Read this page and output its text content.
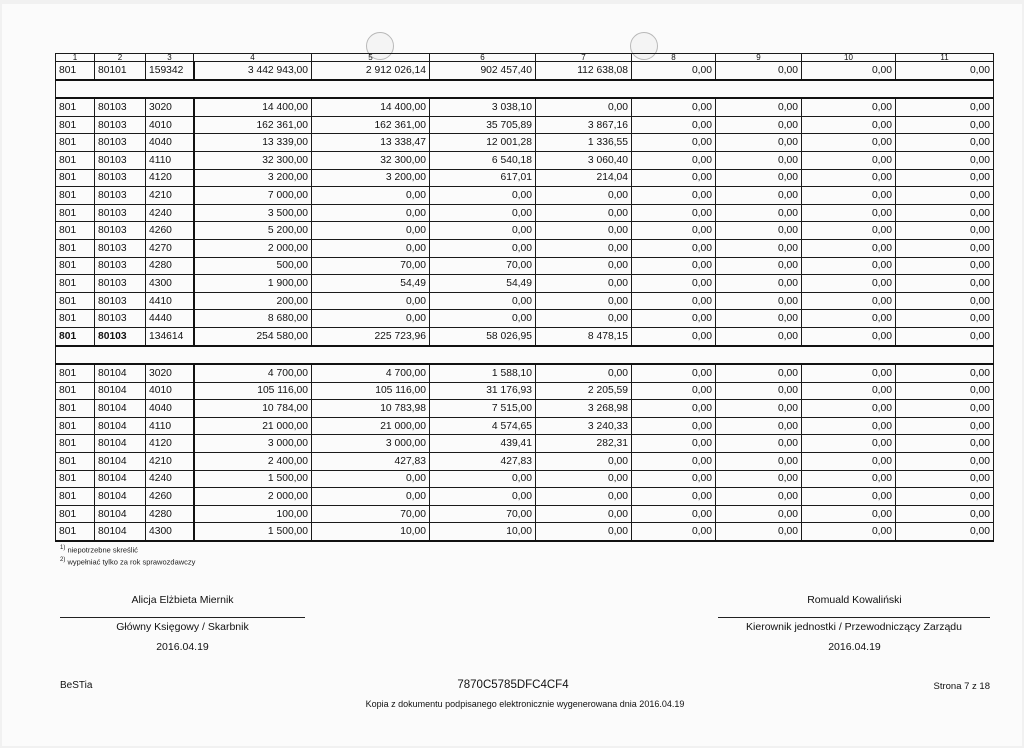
1	2	3	4	5	6	7	8	9	10	11
801	80101	159342	3 442 943,00	2 912 026,14	902 457,40	112 638,08	0,00	0,00	0,00	0,00

801	80103	3020	14 400,00	14 400,00	3 038,10	0,00	0,00	0,00	0,00	0,00
801	80103	4010	162 361,00	162 361,00	35 705,89	3 867,16	0,00	0,00	0,00	0,00
801	80103	4040	13 339,00	13 338,47	12 001,28	1 336,55	0,00	0,00	0,00	0,00
801	80103	4110	32 300,00	32 300,00	6 540,18	3 060,40	0,00	0,00	0,00	0,00
801	80103	4120	3 200,00	3 200,00	617,01	214,04	0,00	0,00	0,00	0,00
801	80103	4210	7 000,00	0,00	0,00	0,00	0,00	0,00	0,00	0,00
801	80103	4240	3 500,00	0,00	0,00	0,00	0,00	0,00	0,00	0,00
801	80103	4260	5 200,00	0,00	0,00	0,00	0,00	0,00	0,00	0,00
801	80103	4270	2 000,00	0,00	0,00	0,00	0,00	0,00	0,00	0,00
801	80103	4280	500,00	70,00	70,00	0,00	0,00	0,00	0,00	0,00
801	80103	4300	1 900,00	54,49	54,49	0,00	0,00	0,00	0,00	0,00
801	80103	4410	200,00	0,00	0,00	0,00	0,00	0,00	0,00	0,00
801	80103	4440	8 680,00	0,00	0,00	0,00	0,00	0,00	0,00	0,00
801	80103	134614	254 580,00	225 723,96	58 026,95	8 478,15	0,00	0,00	0,00	0,00

801	80104	3020	4 700,00	4 700,00	1 588,10	0,00	0,00	0,00	0,00	0,00
801	80104	4010	105 116,00	105 116,00	31 176,93	2 205,59	0,00	0,00	0,00	0,00
801	80104	4040	10 784,00	10 783,98	7 515,00	3 268,98	0,00	0,00	0,00	0,00
801	80104	4110	21 000,00	21 000,00	4 574,65	3 240,33	0,00	0,00	0,00	0,00
801	80104	4120	3 000,00	3 000,00	439,41	282,31	0,00	0,00	0,00	0,00
801	80104	4210	2 400,00	427,83	427,83	0,00	0,00	0,00	0,00	0,00
801	80104	4240	1 500,00	0,00	0,00	0,00	0,00	0,00	0,00	0,00
801	80104	4260	2 000,00	0,00	0,00	0,00	0,00	0,00	0,00	0,00
801	80104	4280	100,00	70,00	70,00	0,00	0,00	0,00	0,00	0,00
801	80104	4300	1 500,00	10,00	10,00	0,00	0,00	0,00	0,00	0,00
$^{1)}$ niepotrzebne skreślić
$^{2)}$ wypełniać tylko za rok sprawozdawczy
Alicja Elżbieta Miernik
Główny Księgowy / Skarbnik
2016.04.19
Romuald Kowaliński
Kierownik jednostki / Przewodniczący Zarządu
2016.04.19
BeSTia	7870C5785DFC4CF4	Strona 7 z 18
Kopia z dokumentu podpisanego elektronicznie wygenerowana dnia 2016.04.19
